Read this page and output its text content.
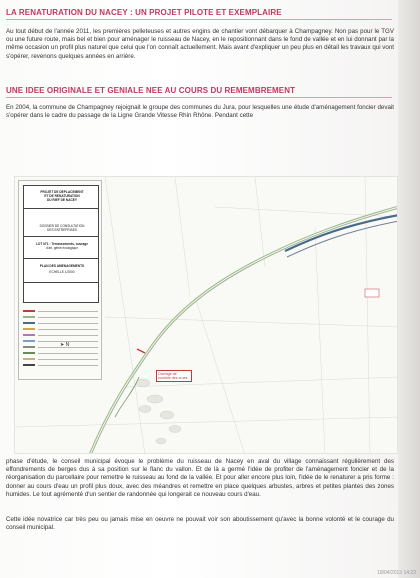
LA RENATURATION DU NACEY : UN PROJET PILOTE ET EXEMPLAIRE

Au tout début de l'année 2011, les premières pelleteuses et autres engins de chantier vont débarquer à Champagney. Non pas pour le TGV ou une future route, mais bel et bien pour aménager le ruisseau de Nacey, en le repositionnant dans le fond de vallée et en lui donnant par la même occasion un profil plus naturel que celui que l'on connaît actuellement. Mais avant d'expliquer un peu plus en détail les travaux qui vont s'opérer, revenons quelques années en arrière.

UNE IDEE ORIGINALE ET GENIALE NEE AU COURS DU REMEMBREMENT

En 2004, la commune de Champagney rejoignait le groupe des communes du Jura, pour lesquelles une étude d'aménagement foncier devait s'opérer dans le cadre du passage de la Ligne Grande Vitesse Rhin Rhône. Pendant cette

PROJET DE DEPLACEMENT
ET DE RENATURATION
DU RIEF DE NACEY
DOSSIER DE CONSULTATION
DES ENTREPRISES
LOT N°1 : Terrassements, ouvrage
d'art, génie écologique
PLAN DES AMENAGEMENTS
ECHELLE 1/2000
➤ N
Ouvrage de contrôle des crues

phase d'étude, le conseil municipal évoque le problème du ruisseau de Nacey en aval du village connaissant régulièrement des effondrements de berges dus à sa position sur le flanc du vallon. Et de là a germé l'idée de profiter de l'aménagement foncier et de la réorganisation du parcellaire pour remettre le ruisseau au fond de la vallée. Et pour aller encore plus loin, l'idée de le renaturer a pris forme : donner au cours d'eau un profil plus doux, avec des méandres et remettre en place quelques arbustes, arbres et petites plantes des zones humides. Le tout agrémenté d'un sentier de randonnée qui longerait ce nouveau cours d'eau.

Cette idée novatrice car très peu ou jamais mise en oeuvre ne pouvait voir son aboutissement qu'avec la bonne volonté et le courage du conseil municipal.

18/04/2013 14:22
